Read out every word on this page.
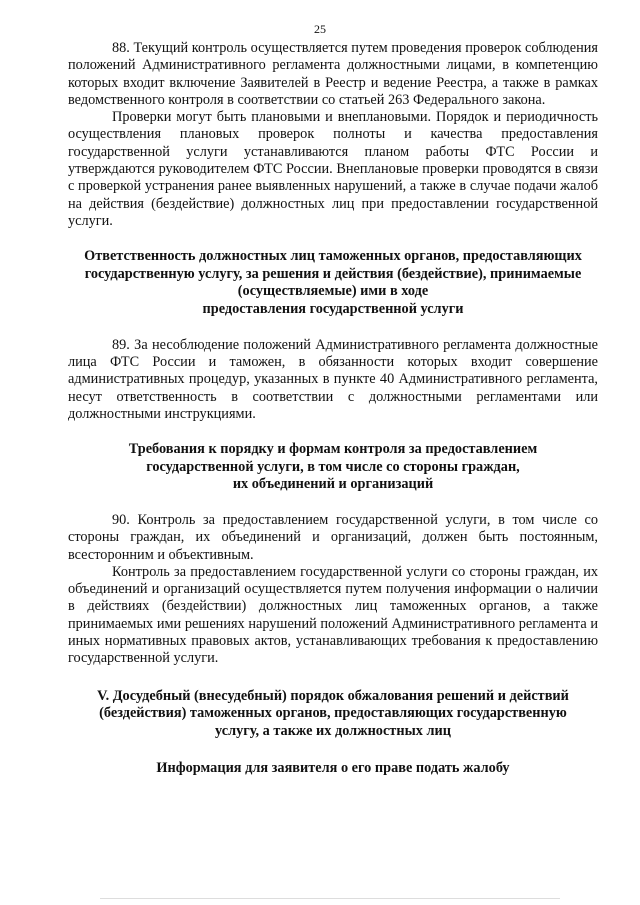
25

88. Текущий контроль осуществляется путем проведения проверок соблюдения положений Административного регламента должностными лицами, в компетенцию которых входит включение Заявителей в Реестр и ведение Реестра, а также в рамках ведомственного контроля в соответствии со статьей 263 Федерального закона.

Проверки могут быть плановыми и внеплановыми. Порядок и периодичность осуществления плановых проверок полноты и качества предоставления государственной услуги устанавливаются планом работы ФТС России и утверждаются руководителем ФТС России. Внеплановые проверки проводятся в связи с проверкой устранения ранее выявленных нарушений, а также в случае подачи жалоб на действия (бездействие) должностных лиц при предоставлении государственной услуги.

Ответственность должностных лиц таможенных органов, предоставляющих
государственную услугу, за решения и действия (бездействие), принимаемые
(осуществляемые) ими в ходе
предоставления государственной услуги

89. За несоблюдение положений Административного регламента должностные лица ФТС России и таможен, в обязанности которых входит совершение административных процедур, указанных в пункте 40 Административного регламента, несут ответственность в соответствии с должностными регламентами или должностными инструкциями.

Требования к порядку и формам контроля за предоставлением
государственной услуги, в том числе со стороны граждан,
их объединений и организаций

90. Контроль за предоставлением государственной услуги, в том числе со стороны граждан, их объединений и организаций, должен быть постоянным, всесторонним и объективным.

Контроль за предоставлением государственной услуги со стороны граждан, их объединений и организаций осуществляется путем получения информации о наличии в действиях (бездействии) должностных лиц таможенных органов, а также принимаемых ими решениях нарушений положений Административного регламента и иных нормативных правовых актов, устанавливающих требования к предоставлению государственной услуги.

V. Досудебный (внесудебный) порядок обжалования решений и действий
(бездействия) таможенных органов, предоставляющих государственную
услугу, а также их должностных лиц
Информация для заявителя о его праве подать жалобу
